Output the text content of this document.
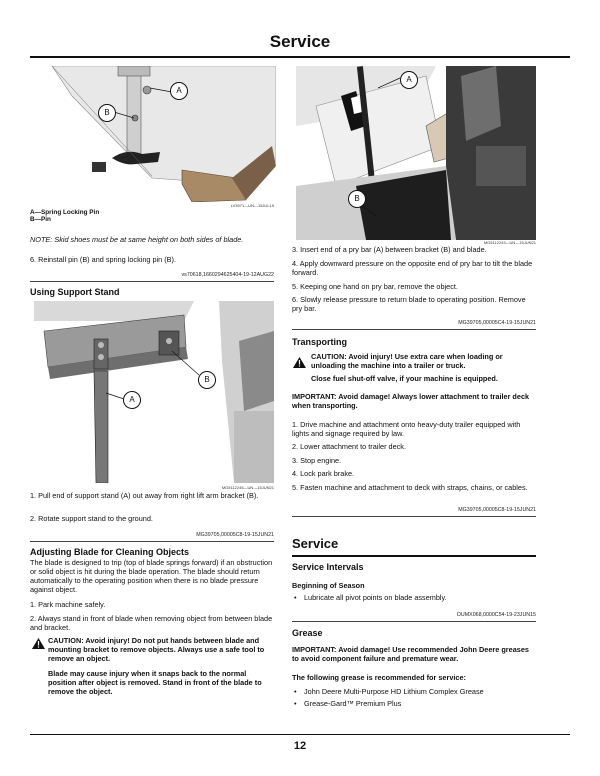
Service
A
B
LV3971—UN—15JUL15
A—Spring Locking Pin
B—Pin
NOTE: Skid shoes must be at same height on both sides of blade.
6. Reinstall pin (B) and spring locking pin (B).
vs70618,1660294625404-19-12AUG22
Using Support Stand
B
A
MG5112245—UN—15JUN21
1. Pull end of support stand (A) out away from right lift arm bracket (B).
2. Rotate support stand to the ground.
MG39705,00005C8-19-15JUN21
Adjusting Blade for Cleaning Objects
The blade is designed to trip (top of blade springs forward) if an obstruction or solid object is hit during the blade operation. The blade should return automatically to the operating position when there is no blade pressure against object.
1. Park machine safely.
2. Always stand in front of blade when removing object from between blade and bracket.
CAUTION: Avoid injury! Do not put hands between blade and mounting bracket to remove objects. Always use a safe tool to remove an object.
Blade may cause injury when it snaps back to the normal position after object is removed. Stand in front of the blade to remove the object.
A
B
MG5112243—UN—15JUN21
3. Insert end of a pry bar (A) between bracket (B) and blade.
4. Apply downward pressure on the opposite end of pry bar to tilt the blade forward.
5. Keeping one hand on pry bar, remove the object.
6. Slowly release pressure to return blade to operating position. Remove pry bar.
MG39705,00005C4-19-15JUN21
Transporting
CAUTION: Avoid injury! Use extra care when loading or unloading the machine into a trailer or truck.
Close fuel shut-off valve, if your machine is equipped.
IMPORTANT: Avoid damage! Always lower attachment to trailer deck when transporting.
1. Drive machine and attachment onto heavy-duty trailer equipped with lights and signage required by law.
2. Lower attachment to trailer deck.
3. Stop engine.
4. Lock park brake.
5. Fasten machine and attachment to deck with straps, chains, or cables.
MG39705,00005C8-19-15JUN21
Service
Service Intervals
Beginning of Season
• Lubricate all pivot points on blade assembly.
OUMX068,0000C54-19-23JUN15
Grease
IMPORTANT: Avoid damage! Use recommended John Deere greases to avoid component failure and premature wear.
The following grease is recommended for service:
• John Deere Multi-Purpose HD Lithium Complex Grease
• Grease-Gard™ Premium Plus
12
